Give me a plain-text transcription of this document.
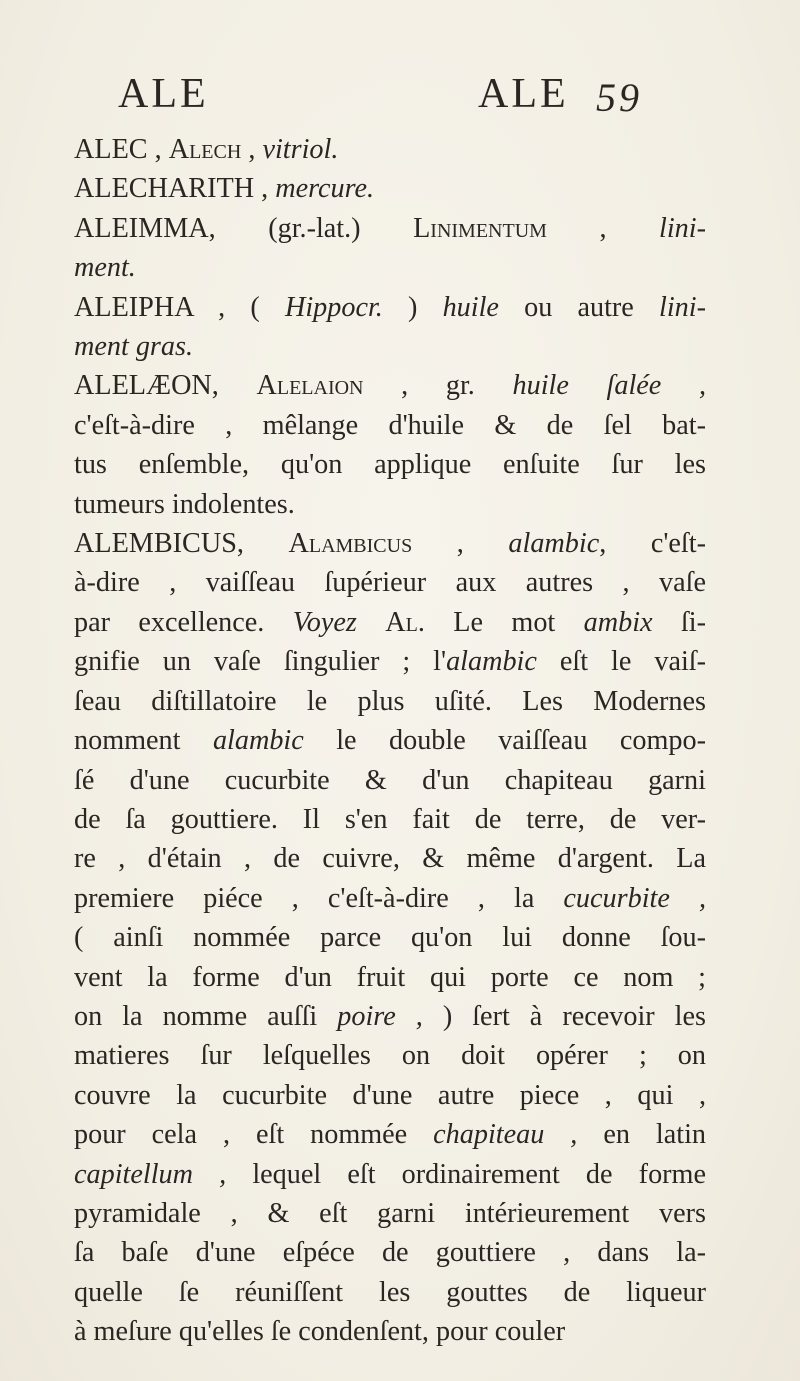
ALE	ALE 59

ALEC , Alech , vitriol.

ALECHARITH , mercure.

ALEIMMA, (gr.-lat.) Linimentum , lini-
ment.

ALEIPHA , ( Hippocr. ) huile ou autre lini-
ment gras.

ALELÆON, Alelaion , gr. huile ſalée ,
c'eſt-à-dire , mêlange d'huile & de ſel bat-
tus enſemble, qu'on applique enſuite ſur les
tumeurs indolentes.

ALEMBICUS, Alambicus , alambic, c'eſt-
à-dire , vaiſſeau ſupérieur aux autres , vaſe
par excellence. Voyez Al. Le mot ambix ſi-
gnifie un vaſe ſingulier ; l'alambic eſt le vaiſ-
ſeau diſtillatoire le plus uſité. Les Modernes
nomment alambic le double vaiſſeau compo-
ſé d'une cucurbite & d'un chapiteau garni
de ſa gouttiere. Il s'en fait de terre, de ver-
re , d'étain , de cuivre, & même d'argent. La
premiere piéce , c'eſt-à-dire , la cucurbite ,
( ainſi nommée parce qu'on lui donne ſou-
vent la forme d'un fruit qui porte ce nom ;
on la nomme auſſi poire , ) ſert à recevoir les
matieres ſur leſquelles on doit opérer ; on
couvre la cucurbite d'une autre piece , qui ,
pour cela , eſt nommée chapiteau , en latin
capitellum , lequel eſt ordinairement de forme
pyramidale , & eſt garni intérieurement vers
ſa baſe d'une eſpéce de gouttiere , dans la-
quelle ſe réuniſſent les gouttes de liqueur
à meſure qu'elles ſe condenſent, pour couler
